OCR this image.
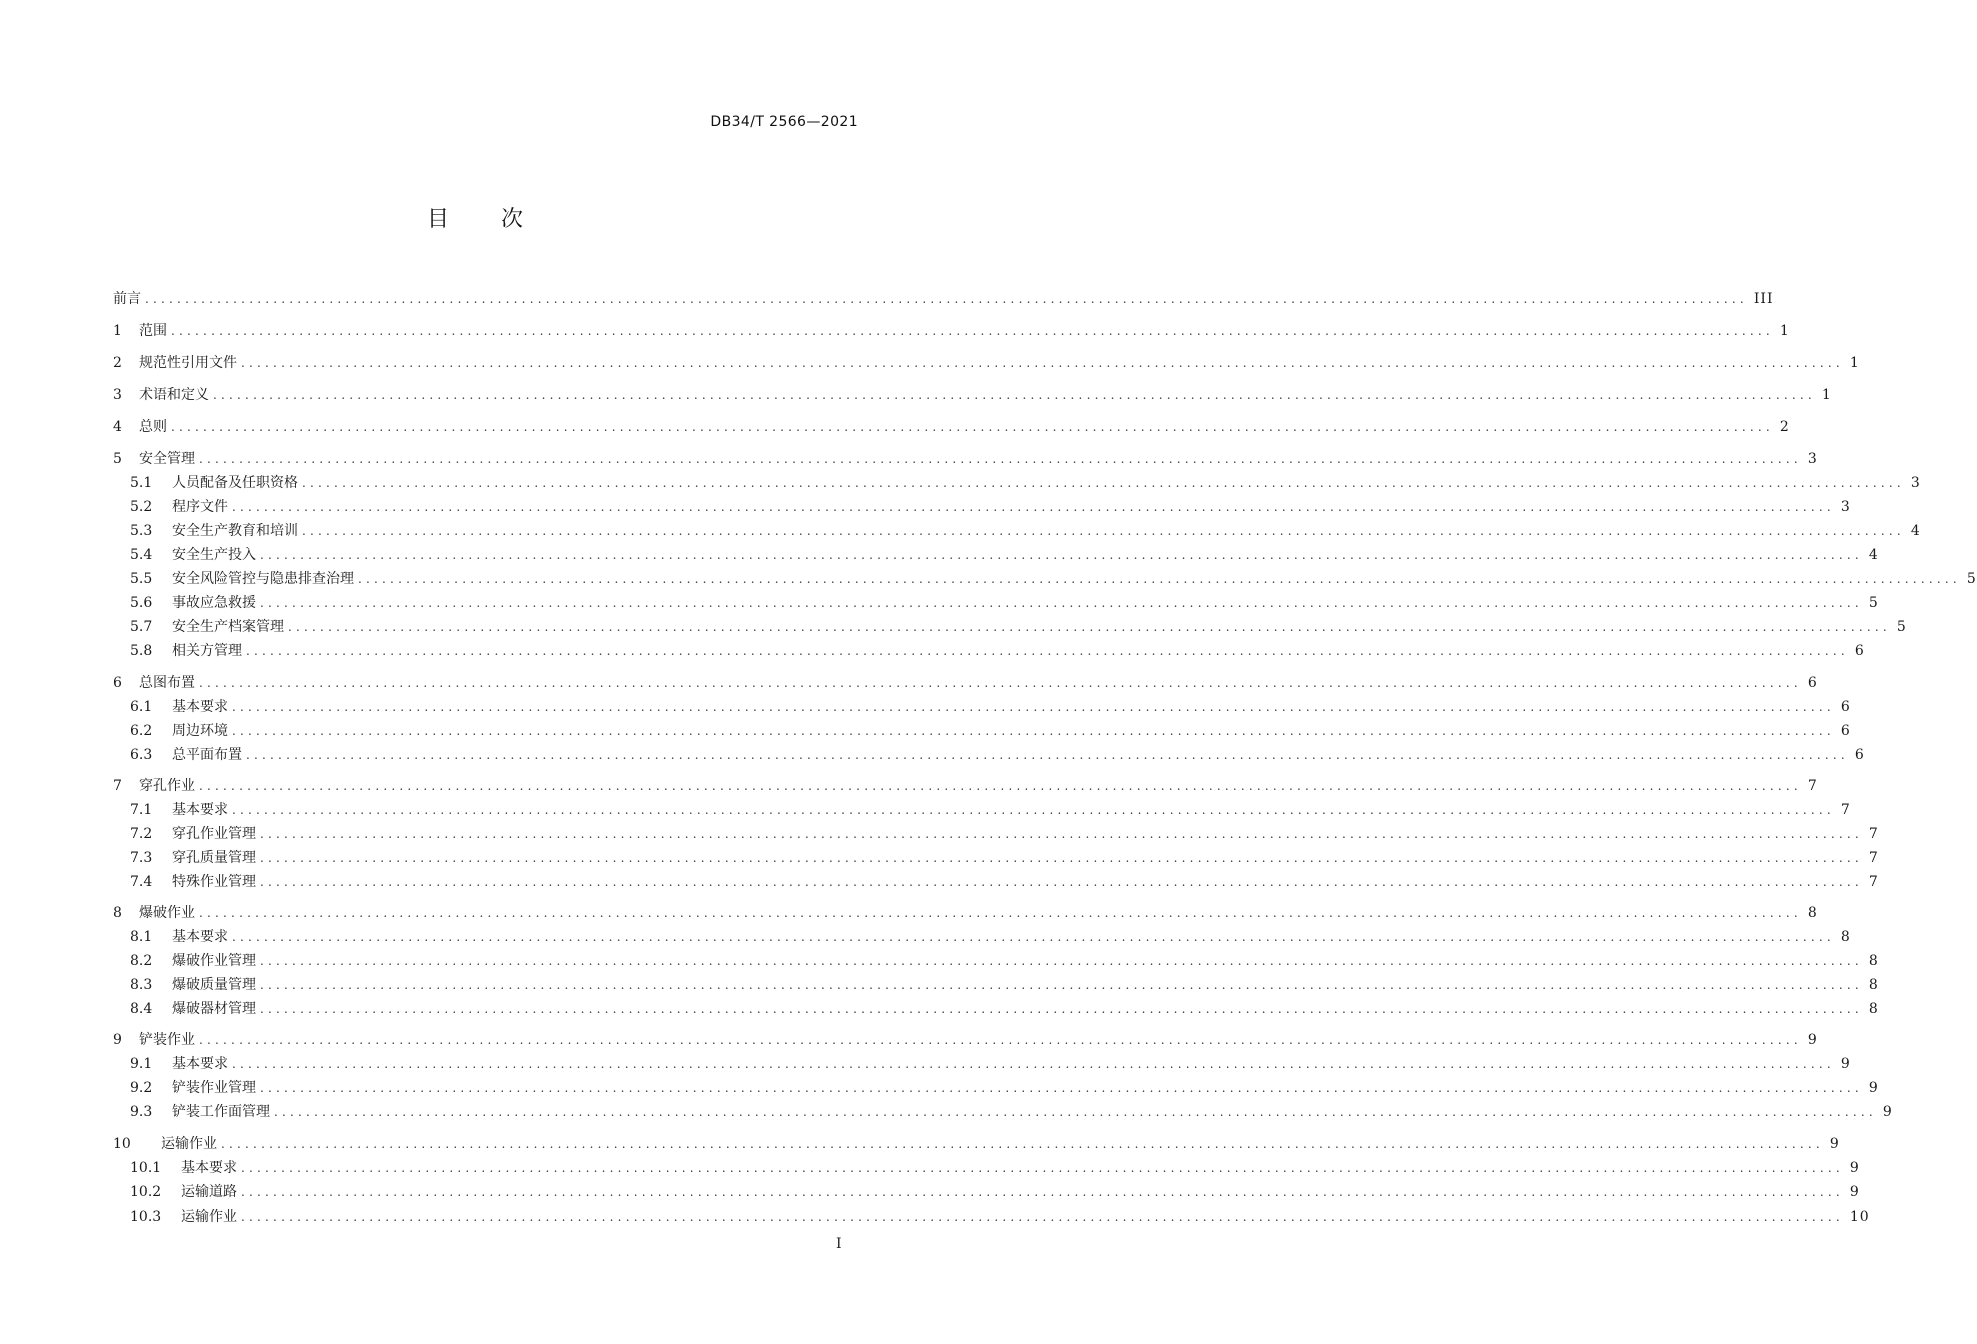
DB34/T 2566—2021
目 次
前言 ........................................................................................................................................................................................................ III
1	范围 ........................................................................................................................................................................................................ 1
2	规范性引用文件 ........................................................................................................................................................................................................ 1
3	术语和定义 ........................................................................................................................................................................................................ 1
4	总则 ........................................................................................................................................................................................................ 2
5	安全管理 ........................................................................................................................................................................................................ 3
5.1	人员配备及任职资格 ........................................................................................................................................................................................................ 3
5.2	程序文件 ........................................................................................................................................................................................................ 3
5.3	安全生产教育和培训 ........................................................................................................................................................................................................ 4
5.4	安全生产投入 ........................................................................................................................................................................................................ 4
5.5	安全风险管控与隐患排查治理 ........................................................................................................................................................................................................ 5
5.6	事故应急救援 ........................................................................................................................................................................................................ 5
5.7	安全生产档案管理 ........................................................................................................................................................................................................ 5
5.8	相关方管理 ........................................................................................................................................................................................................ 6
6	总图布置 ........................................................................................................................................................................................................ 6
6.1	基本要求 ........................................................................................................................................................................................................ 6
6.2	周边环境 ........................................................................................................................................................................................................ 6
6.3	总平面布置 ........................................................................................................................................................................................................ 6
7	穿孔作业 ........................................................................................................................................................................................................ 7
7.1	基本要求 ........................................................................................................................................................................................................ 7
7.2	穿孔作业管理 ........................................................................................................................................................................................................ 7
7.3	穿孔质量管理 ........................................................................................................................................................................................................ 7
7.4	特殊作业管理 ........................................................................................................................................................................................................ 7
8	爆破作业 ........................................................................................................................................................................................................ 8
8.1	基本要求 ........................................................................................................................................................................................................ 8
8.2	爆破作业管理 ........................................................................................................................................................................................................ 8
8.3	爆破质量管理 ........................................................................................................................................................................................................ 8
8.4	爆破器材管理 ........................................................................................................................................................................................................ 8
9	铲装作业 ........................................................................................................................................................................................................ 9
9.1	基本要求 ........................................................................................................................................................................................................ 9
9.2	铲装作业管理 ........................................................................................................................................................................................................ 9
9.3	铲装工作面管理 ........................................................................................................................................................................................................ 9
10	运输作业 ........................................................................................................................................................................................................ 9
10.1	基本要求 ........................................................................................................................................................................................................ 9
10.2	运输道路 ........................................................................................................................................................................................................ 9
10.3	运输作业 ........................................................................................................................................................................................................ 10
I
